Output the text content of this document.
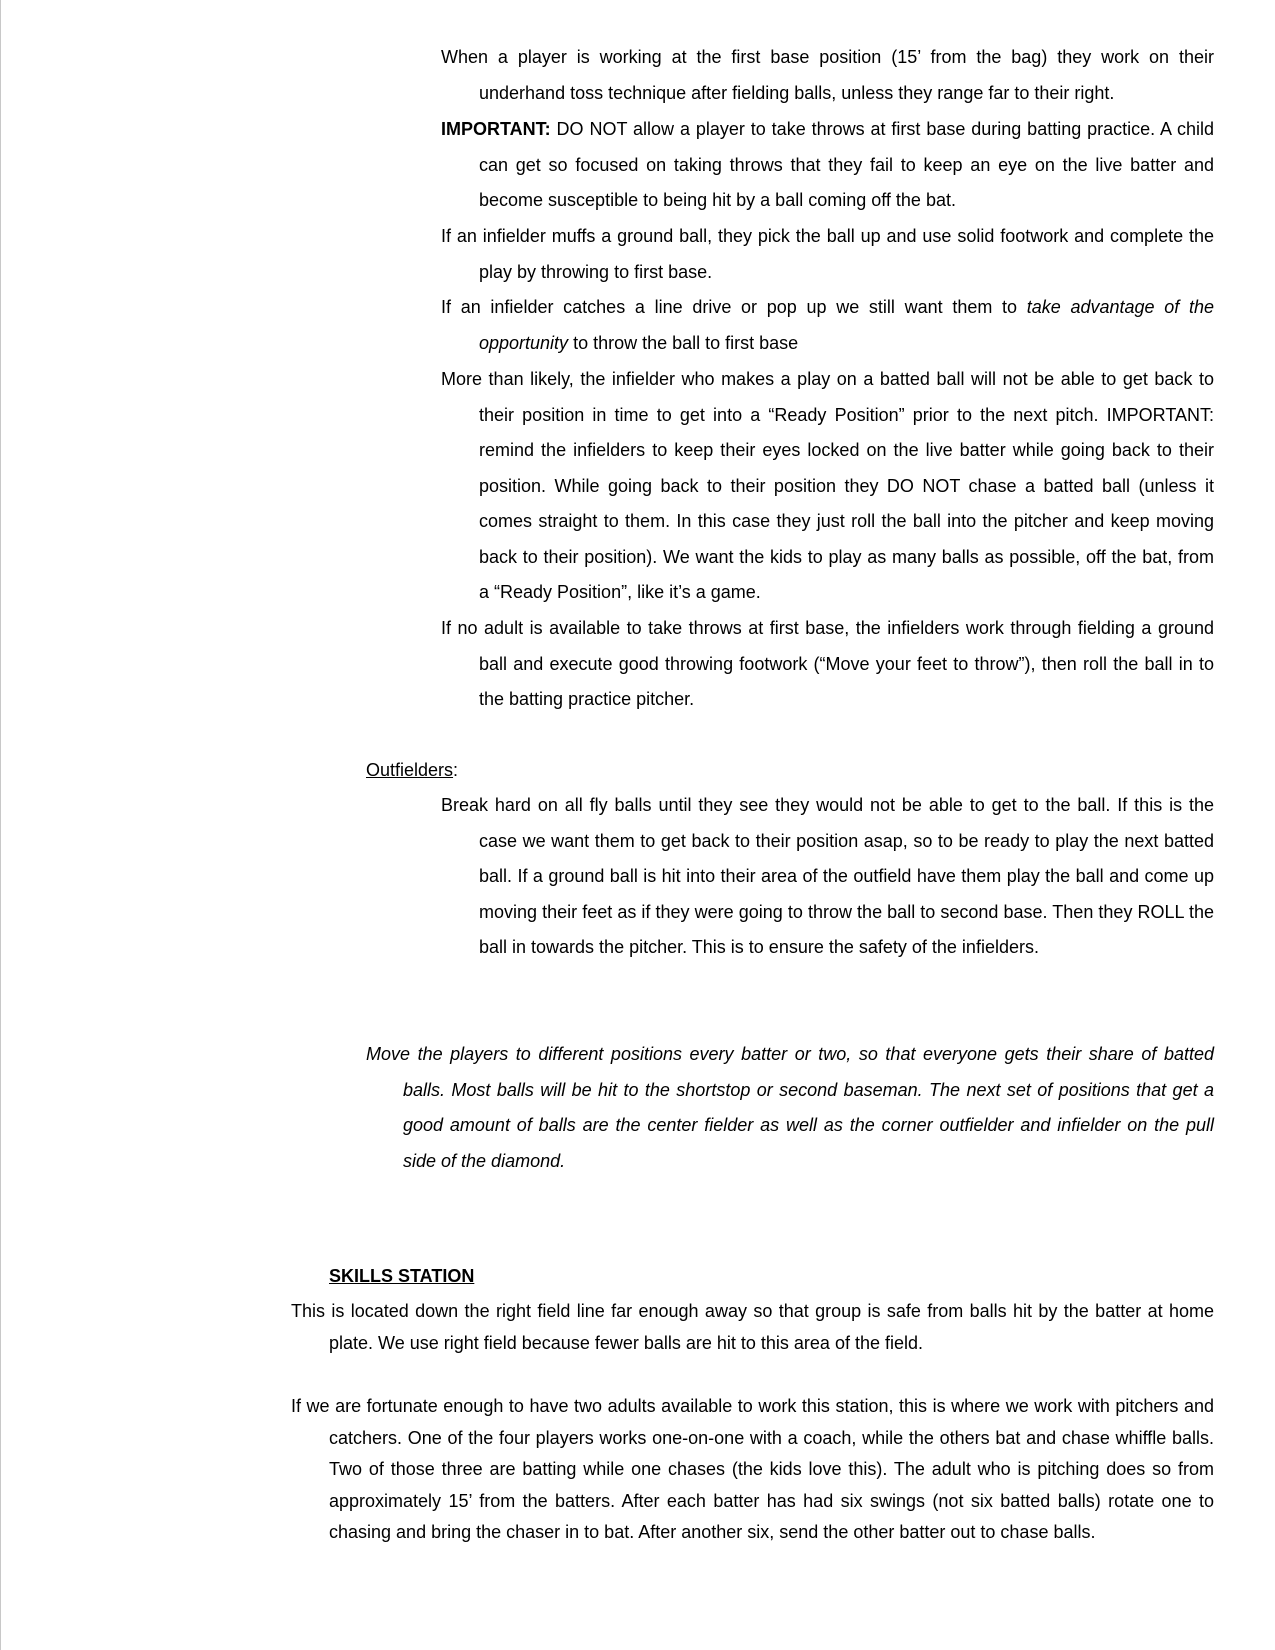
When a player is working at the first base position (15’ from the bag) they work on their underhand toss technique after fielding balls, unless they range far to their right.

IMPORTANT: DO NOT allow a player to take throws at first base during batting practice. A child can get so focused on taking throws that they fail to keep an eye on the live batter and become susceptible to being hit by a ball coming off the bat.

If an infielder muffs a ground ball, they pick the ball up and use solid footwork and complete the play by throwing to first base.

If an infielder catches a line drive or pop up we still want them to take advantage of the opportunity to throw the ball to first base

More than likely, the infielder who makes a play on a batted ball will not be able to get back to their position in time to get into a “Ready Position” prior to the next pitch. IMPORTANT: remind the infielders to keep their eyes locked on the live batter while going back to their position. While going back to their position they DO NOT chase a batted ball (unless it comes straight to them. In this case they just roll the ball into the pitcher and keep moving back to their position). We want the kids to play as many balls as possible, off the bat, from a “Ready Position”, like it’s a game.

If no adult is available to take throws at first base, the infielders work through fielding a ground ball and execute good throwing footwork (“Move your feet to throw”), then roll the ball in to the batting practice pitcher.

Outfielders:

Break hard on all fly balls until they see they would not be able to get to the ball. If this is the case we want them to get back to their position asap, so to be ready to play the next batted ball. If a ground ball is hit into their area of the outfield have them play the ball and come up moving their feet as if they were going to throw the ball to second base. Then they ROLL the ball in towards the pitcher. This is to ensure the safety of the infielders.

Move the players to different positions every batter or two, so that everyone gets their share of batted balls. Most balls will be hit to the shortstop or second baseman. The next set of positions that get a good amount of balls are the center fielder as well as the corner outfielder and infielder on the pull side of the diamond.

SKILLS STATION

This is located down the right field line far enough away so that group is safe from balls hit by the batter at home plate. We use right field because fewer balls are hit to this area of the field.

If we are fortunate enough to have two adults available to work this station, this is where we work with pitchers and catchers. One of the four players works one-on-one with a coach, while the others bat and chase whiffle balls. Two of those three are batting while one chases (the kids love this). The adult who is pitching does so from approximately 15’ from the batters. After each batter has had six swings (not six batted balls) rotate one to chasing and bring the chaser in to bat. After another six, send the other batter out to chase balls.
